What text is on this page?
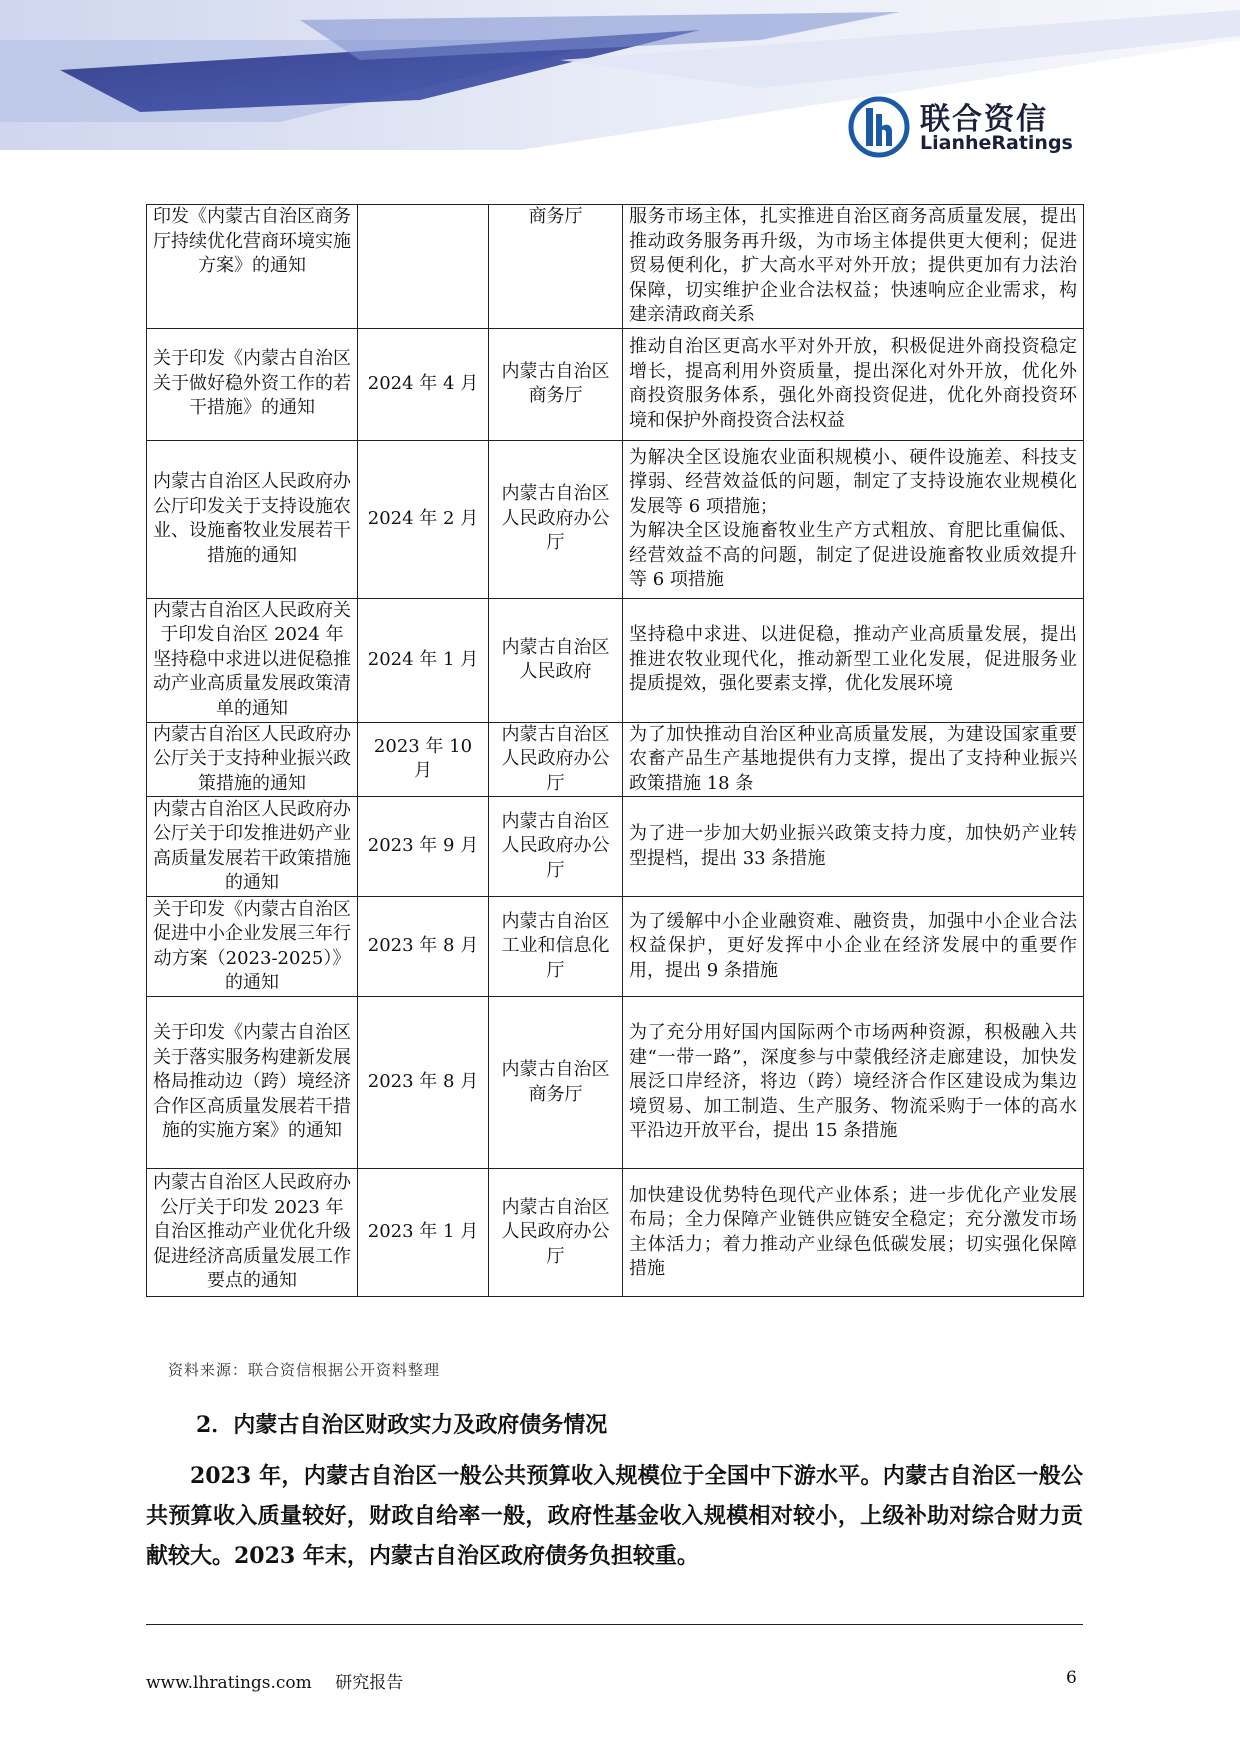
联合资信
LianheRatings
印发《内蒙古自治区商务厅持续优化营商环境实施方案》的通知		商务厅	服务市场主体，扎实推进自治区商务高质量发展，提出推动政务服务再升级，为市场主体提供更大便利；促进贸易便利化，扩大高水平对外开放；提供更加有力法治保障，切实维护企业合法权益；快速响应企业需求，构建亲清政商关系
关于印发《内蒙古自治区关于做好稳外资工作的若干措施》的通知	2024 年 4 月	内蒙古自治区商务厅	推动自治区更高水平对外开放，积极促进外商投资稳定增长，提高利用外资质量，提出深化对外开放，优化外商投资服务体系，强化外商投资促进，优化外商投资环境和保护外商投资合法权益
内蒙古自治区人民政府办公厅印发关于支持设施农业、设施畜牧业发展若干措施的通知	2024 年 2 月	内蒙古自治区人民政府办公厅	为解决全区设施农业面积规模小、硬件设施差、科技支撑弱、经营效益低的问题，制定了支持设施农业规模化发展等 6 项措施；
为解决全区设施畜牧业生产方式粗放、育肥比重偏低、经营效益不高的问题，制定了促进设施畜牧业质效提升等 6 项措施

内蒙古自治区人民政府关于印发自治区 2024 年坚持稳中求进以进促稳推动产业高质量发展政策清单的通知	2024 年 1 月	内蒙古自治区人民政府	坚持稳中求进、以进促稳，推动产业高质量发展，提出推进农牧业现代化，推动新型工业化发展，促进服务业提质提效，强化要素支撑，优化发展环境
内蒙古自治区人民政府办公厅关于支持种业振兴政策措施的通知	2023 年 10 月	内蒙古自治区人民政府办公厅	为了加快推动自治区种业高质量发展，为建设国家重要农畜产品生产基地提供有力支撑，提出了支持种业振兴政策措施 18 条
内蒙古自治区人民政府办公厅关于印发推进奶产业高质量发展若干政策措施的通知	2023 年 9 月	内蒙古自治区人民政府办公厅	为了进一步加大奶业振兴政策支持力度，加快奶产业转型提档，提出 33 条措施
关于印发《内蒙古自治区促进中小企业发展三年行动方案（2023-2025）》的通知	2023 年 8 月	内蒙古自治区工业和信息化厅	为了缓解中小企业融资难、融资贵，加强中小企业合法权益保护，更好发挥中小企业在经济发展中的重要作用，提出 9 条措施
关于印发《内蒙古自治区关于落实服务构建新发展格局推动边（跨）境经济合作区高质量发展若干措施的实施方案》的通知	2023 年 8 月	内蒙古自治区商务厅	为了充分用好国内国际两个市场两种资源，积极融入共建“一带一路”，深度参与中蒙俄经济走廊建设，加快发展泛口岸经济，将边（跨）境经济合作区建设成为集边境贸易、加工制造、生产服务、物流采购于一体的高水平沿边开放平台，提出 15 条措施
内蒙古自治区人民政府办公厅关于印发 2023 年自治区推动产业优化升级促进经济高质量发展工作要点的通知	2023 年 1 月	内蒙古自治区人民政府办公厅	加快建设优势特色现代产业体系；进一步优化产业发展布局；全力保障产业链供应链安全稳定；充分激发市场主体活力；着力推动产业绿色低碳发展；切实强化保障措施
资料来源：联合资信根据公开资料整理
2．内蒙古自治区财政实力及政府债务情况

2023 年，内蒙古自治区一般公共预算收入规模位于全国中下游水平。内蒙古自治区一般公共预算收入质量较好，财政自给率一般，政府性基金收入规模相对较小，上级补助对综合财力贡献较大。2023 年末，内蒙古自治区政府债务负担较重。

www.lhratings.com 研究报告	6
